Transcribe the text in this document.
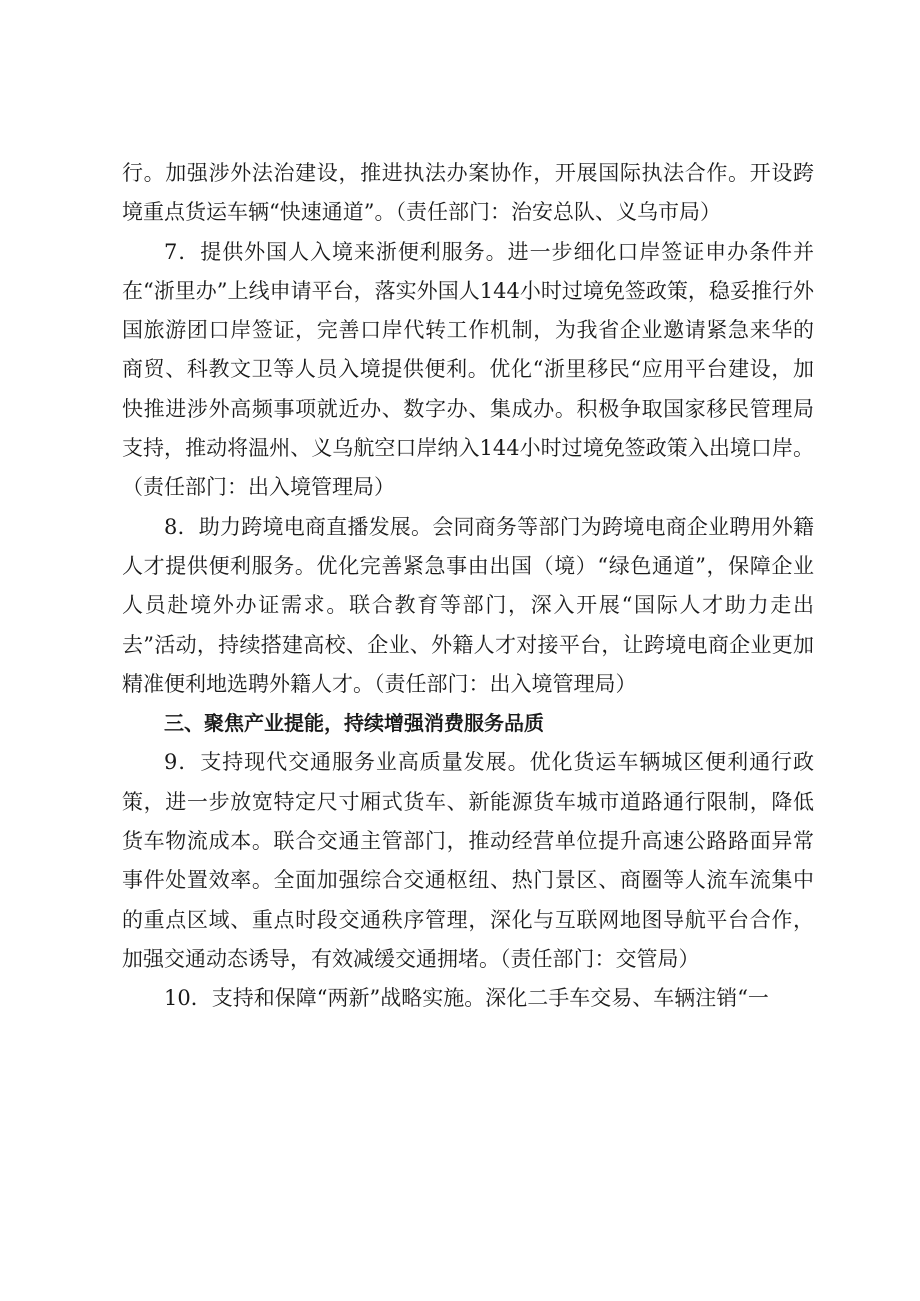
行。加强涉外法治建设，推进执法办案协作，开展国际执法合作。开设跨境重点货运车辆“快速通道”。（责任部门：治安总队、义乌市局）

7．提供外国人入境来浙便利服务。进一步细化口岸签证申办条件并在“浙里办”上线申请平台，落实外国人144小时过境免签政策，稳妥推行外国旅游团口岸签证，完善口岸代转工作机制，为我省企业邀请紧急来华的商贸、科教文卫等人员入境提供便利。优化“浙里移民“应用平台建设，加快推进涉外高频事项就近办、数字办、集成办。积极争取国家移民管理局支持，推动将温州、义乌航空口岸纳入144小时过境免签政策入出境口岸。（责任部门：出入境管理局）

8．助力跨境电商直播发展。会同商务等部门为跨境电商企业聘用外籍人才提供便利服务。优化完善紧急事由出国（境）“绿色通道”，保障企业人员赴境外办证需求。联合教育等部门，深入开展“国际人才助力走出去”活动，持续搭建高校、企业、外籍人才对接平台，让跨境电商企业更加精准便利地选聘外籍人才。（责任部门：出入境管理局）

三、聚焦产业提能，持续增强消费服务品质

9．支持现代交通服务业高质量发展。优化货运车辆城区便利通行政策，进一步放宽特定尺寸厢式货车、新能源货车城市道路通行限制，降低货车物流成本。联合交通主管部门，推动经营单位提升高速公路路面异常事件处置效率。全面加强综合交通枢纽、热门景区、商圈等人流车流集中的重点区域、重点时段交通秩序管理，深化与互联网地图导航平台合作，加强交通动态诱导，有效减缓交通拥堵。（责任部门：交管局）

10．支持和保障“两新”战略实施。深化二手车交易、车辆注销“一
